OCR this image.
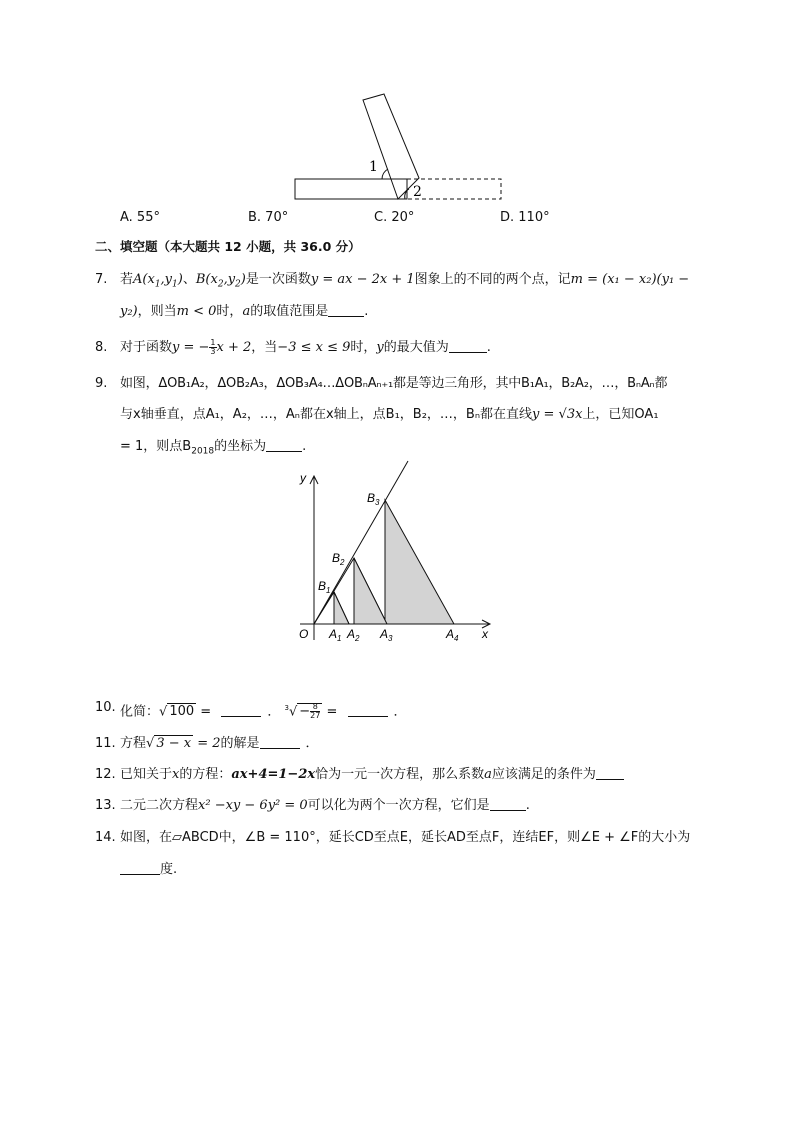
1
2
A. 55°	B. 70°	C. 20°	D. 110°
二、填空题（本大题共 12 小题，共 36.0 分）
7. 若$A(x_1,y_1)$、$B(x_2,y_2)$是一次函数y = ax − 2x + 1图象上的不同的两个点，记m = (x₁ − x₂)(y₁ −
y₂)，则当m < 0时，a的取值范围是	.
8. 对于函数y = − $\frac{1}{3}$ x + 2，当−3 ≤ x ≤ 9时，y的最大值为	.
9. 如图，ΔOB₁A₂，ΔOB₂A₃，ΔOB₃A₄…ΔOBₙAₙ₊₁都是等边三角形，其中B₁A₁，B₂A₂，…，BₙAₙ都
与x轴垂直，点A₁，A₂，…，Aₙ都在x轴上，点B₁，B₂，…，Bₙ都在直线y = √3x上，已知OA₁
= 1，则点$B_{2018}$的坐标为	.
y
x
O
$B_1$
$B_2$
$B_3$
$A_1$ $A_2$ $A_3$	$A_4$
10. 化简：√ 100 =	． $^3√ - \frac{8}{27}$ =	．
11. 方程√ 3 − x = 2的解是	．
12. 已知关于x的方程：ax+4=1−2x恰为一元一次方程，那么系数a应该满足的条件为
13. 二元二次方程x² −xy − 6y² = 0可以化为两个一次方程，它们是	.
14. 如图，在▱ABCD中，∠B = 110°，延长CD至点E，延长AD至点F，连结EF，则∠E + ∠F的大小为
度.
